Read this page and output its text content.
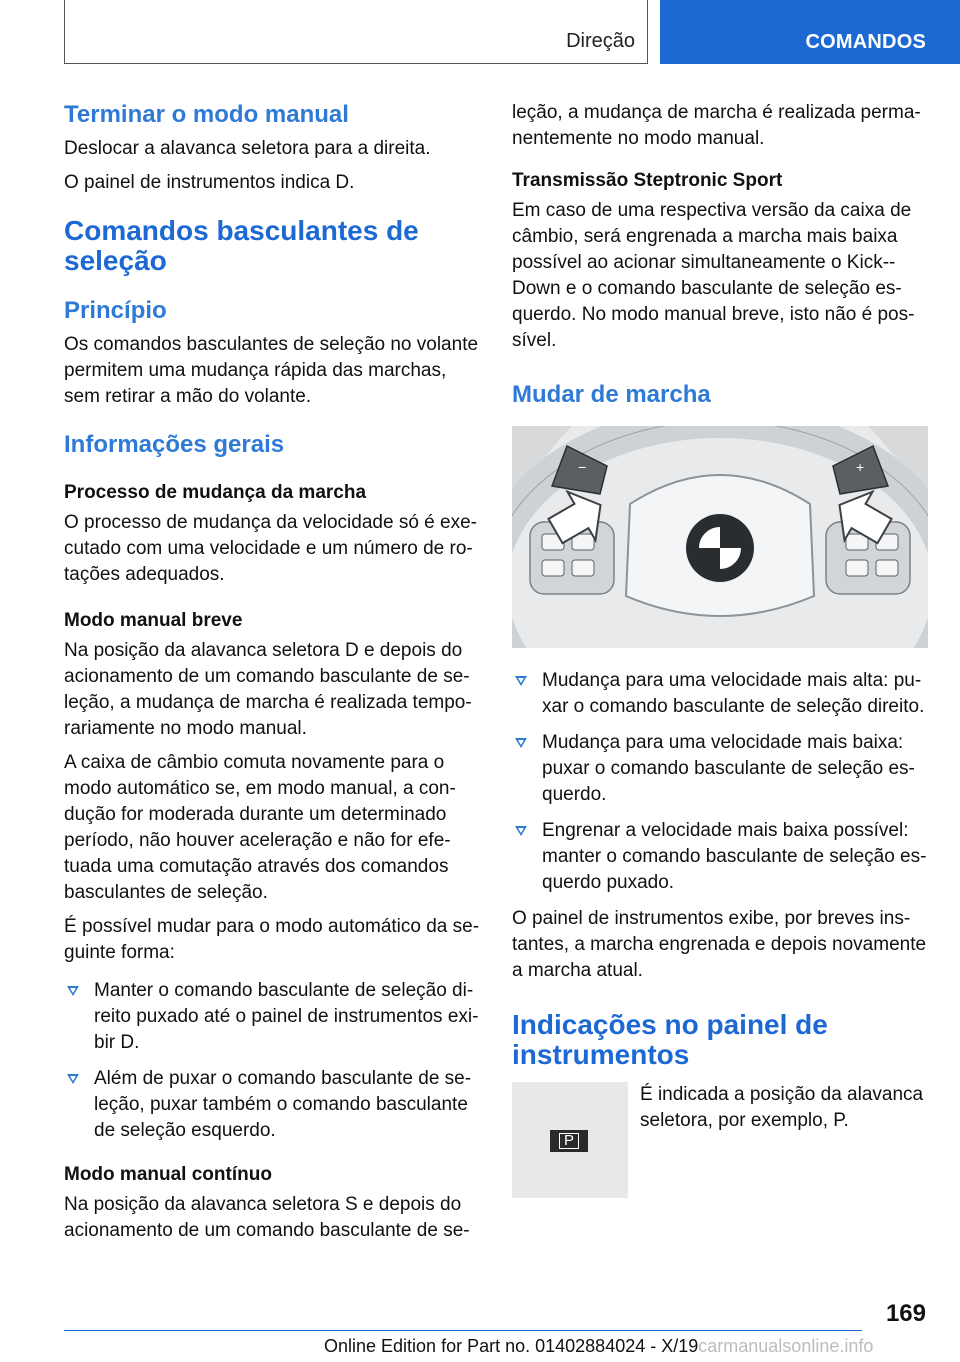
Direção	COMANDOS
Terminar o modo manual

Deslocar a alavanca seletora para a direita.

O painel de instrumentos indica D.

Comandos basculantes de seleção
Princípio

Os comandos basculantes de seleção no volante permitem uma mudança rápida das marchas, sem retirar a mão do volante.

Informações gerais
Processo de mudança da marcha

O processo de mudança da velocidade só é exe-cutado com uma velocidade e um número de ro-tações adequados.

Modo manual breve

Na posição da alavanca seletora D e depois do acionamento de um comando basculante de se-leção, a mudança de marcha é realizada tempo-rariamente no modo manual.

A caixa de câmbio comuta novamente para o modo automático se, em modo manual, a con-dução for moderada durante um determinado período, não houver aceleração e não for efe-tuada uma comutação através dos comandos basculantes de seleção.

É possível mudar para o modo automático da se-guinte forma:

Manter o comando basculante de seleção di-reito puxado até o painel de instrumentos exi-bir D.
Além de puxar o comando basculante de se-leção, puxar também o comando basculante de seleção esquerdo.
Modo manual contínuo

Na posição da alavanca seletora S e depois do acionamento de um comando basculante de se-

leção, a mudança de marcha é realizada perma-nentemente no modo manual.

Transmissão Steptronic Sport

Em caso de uma respectiva versão da caixa de câmbio, será engrenada a marcha mais baixa possível ao acionar simultaneamente o Kick--Down e o comando basculante de seleção es-querdo. No modo manual breve, isto não é pos-sível.

Mudar de marcha
−	+
Mudança para uma velocidade mais alta: pu-xar o comando basculante de seleção direito.
Mudança para uma velocidade mais baixa: puxar o comando basculante de seleção es-querdo.
Engrenar a velocidade mais baixa possível: manter o comando basculante de seleção es-querdo puxado.

O painel de instrumentos exibe, por breves ins-tantes, a marcha engrenada e depois novamente a marcha atual.

Indicações no painel de instrumentos
P

É indicada a posição da alavanca seletora, por exemplo, P.

169
Online Edition for Part no. 01402884024 - X/19carmanualsonline.info
